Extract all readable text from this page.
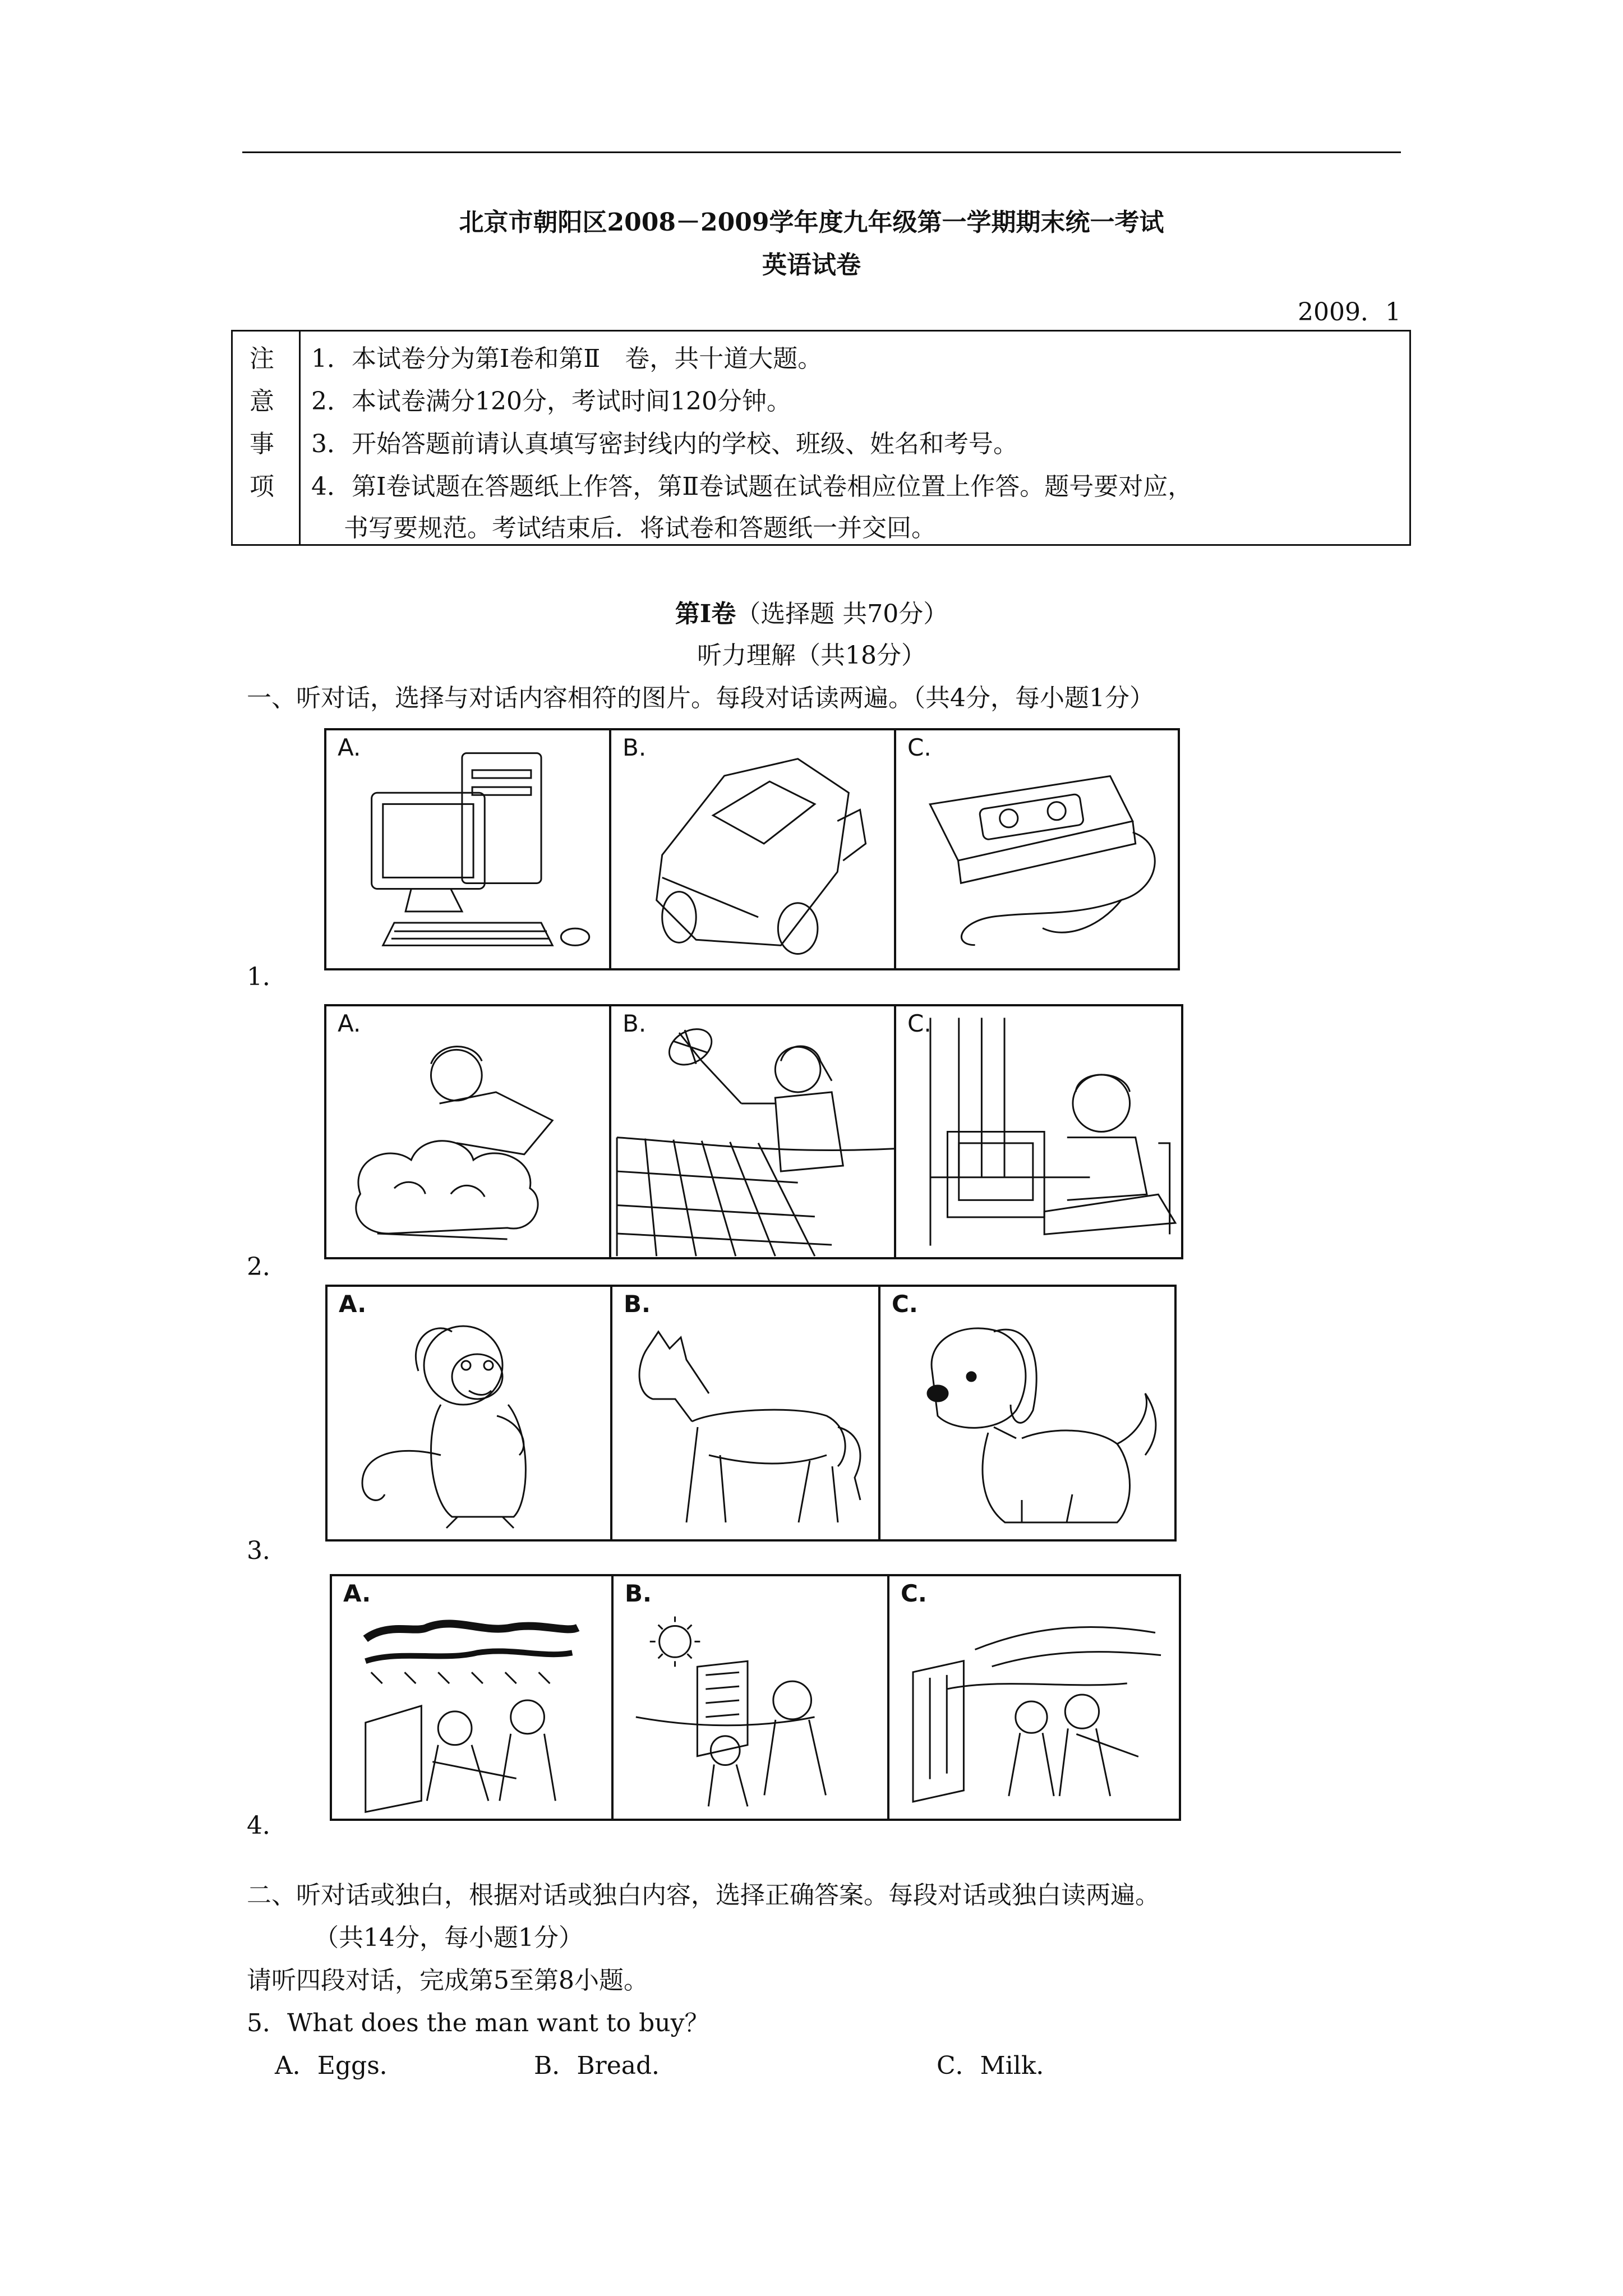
北京市朝阳区2008－2009学年度九年级第一学期期末统一考试
英语试卷
2009．1
注
意
事
项
1．本试卷分为第Ⅰ卷和第Ⅱ　卷，共十道大题。
2．本试卷满分120分，考试时间120分钟。
3．开始答题前请认真填写密封线内的学校、班级、姓名和考号。
4．第Ⅰ卷试题在答题纸上作答，第Ⅱ卷试题在试卷相应位置上作答。题号要对应，
书写要规范。考试结束后．将试卷和答题纸一并交回。
第Ⅰ卷（选择题 共70分）
听力理解（共18分）
一、听对话，选择与对话内容相符的图片。每段对话读两遍。（共4分，每小题1分）
1．
A.	B.	C.
2．
A.	B.	C.
3．
A.	B.	C.
4．
A.	B.	C.
二、听对话或独白，根据对话或独白内容，选择正确答案。每段对话或独白读两遍。
（共14分，每小题1分）
请听四段对话，完成第5至第8小题。
5．What does the man want to buy？
A．Eggs．	B．Bread．	C．Milk．
